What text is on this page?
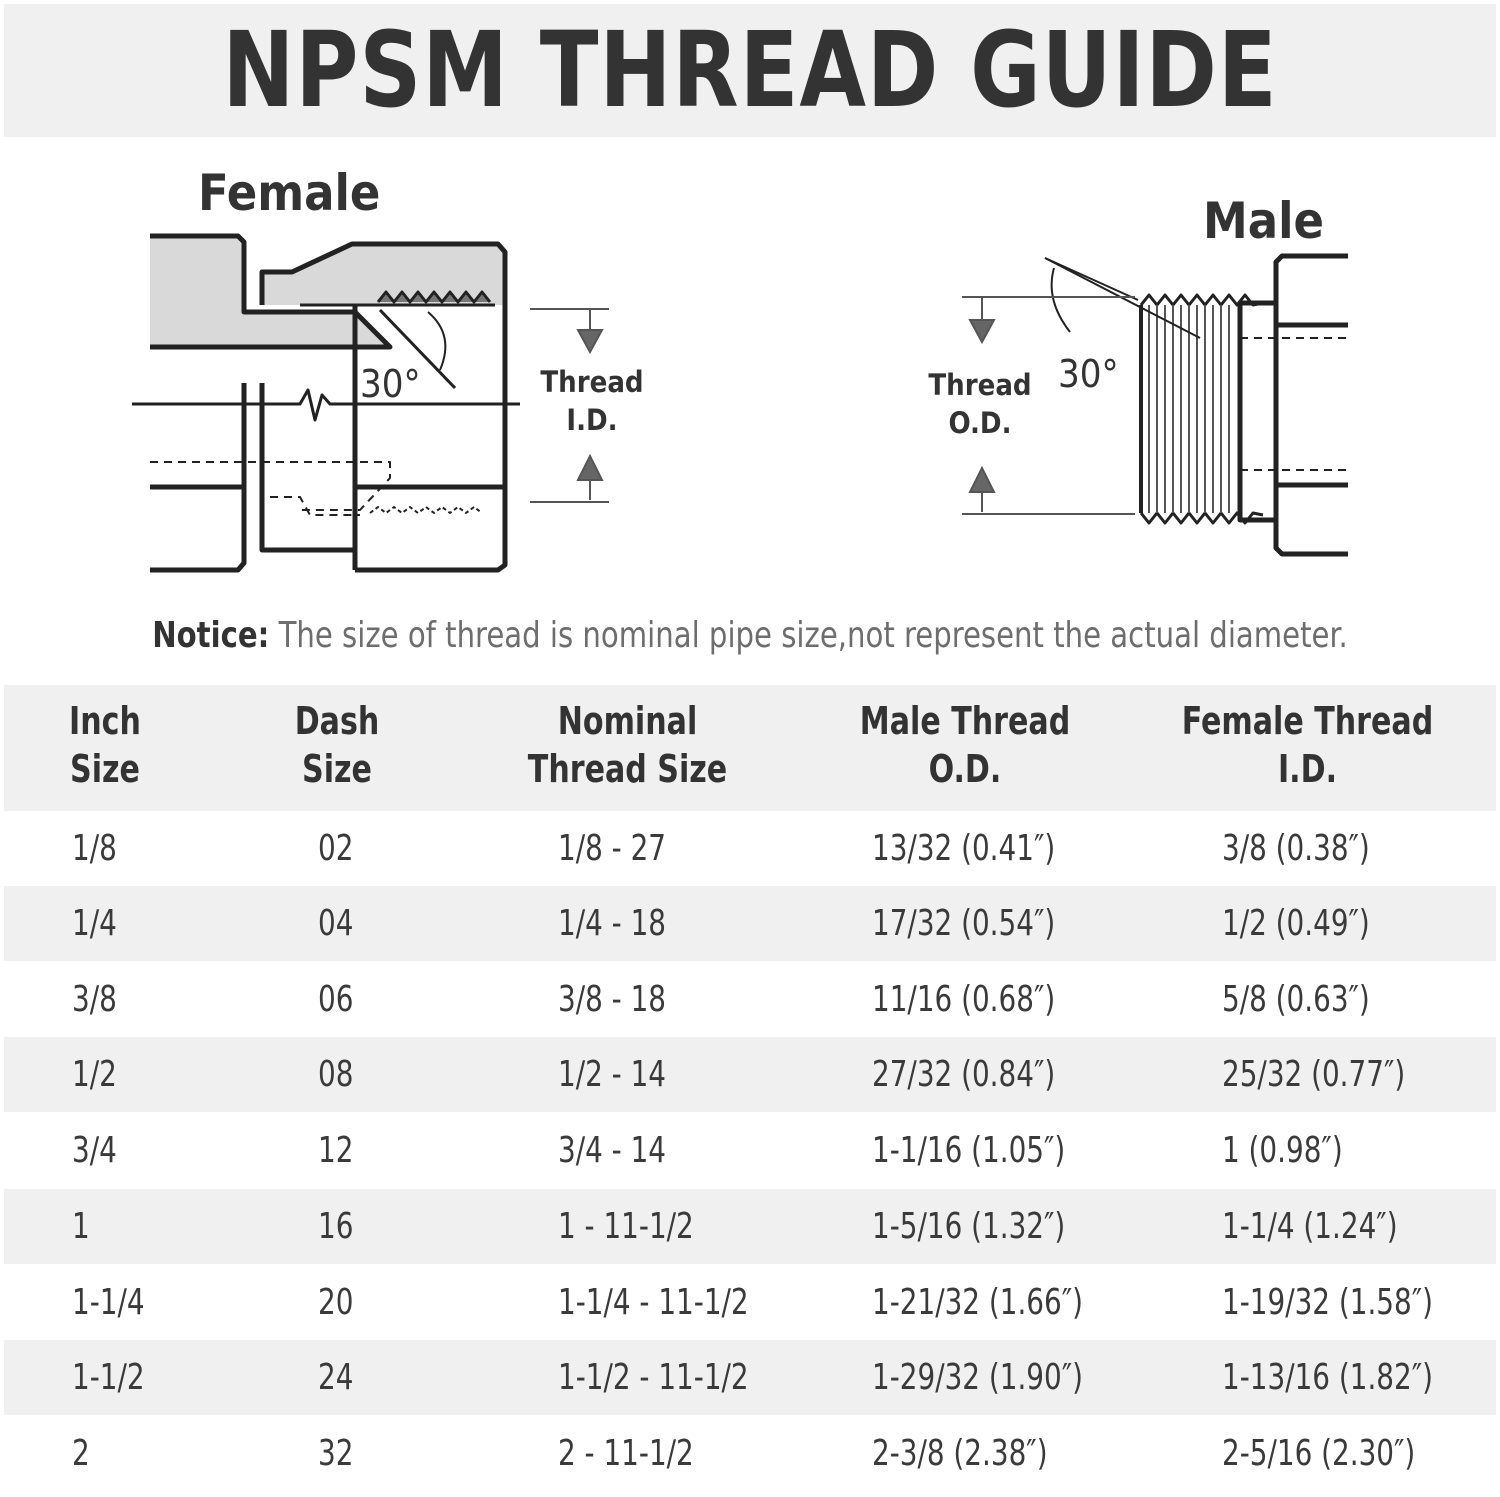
NPSM THREAD GUIDE
Female	Male
30°	30°
Thread
I.D.
Thread
O.D.
Notice: The size of thread is nominal pipe size,not represent the actual diameter.
Inch
Size
Dash
Size
Nominal
Thread Size
Male Thread
O.D.
Female Thread
I.D.
1/8	02	1/8 - 27	13/32 (0.41″)	3/8 (0.38″)
1/4	04	1/4 - 18	17/32 (0.54″)	1/2 (0.49″)
3/8	06	3/8 - 18	11/16 (0.68″)	5/8 (0.63″)
1/2	08	1/2 - 14	27/32 (0.84″)	25/32 (0.77″)
3/4	12	3/4 - 14	1-1/16 (1.05″)	1 (0.98″)
1	16	1 - 11-1/2	1-5/16 (1.32″)	1-1/4 (1.24″)
1-1/4	20	1-1/4 - 11-1/2	1-21/32 (1.66″)	1-19/32 (1.58″)
1-1/2	24	1-1/2 - 11-1/2	1-29/32 (1.90″)	1-13/16 (1.82″)
2	32	2 - 11-1/2	2-3/8 (2.38″)	2-5/16 (2.30″)
